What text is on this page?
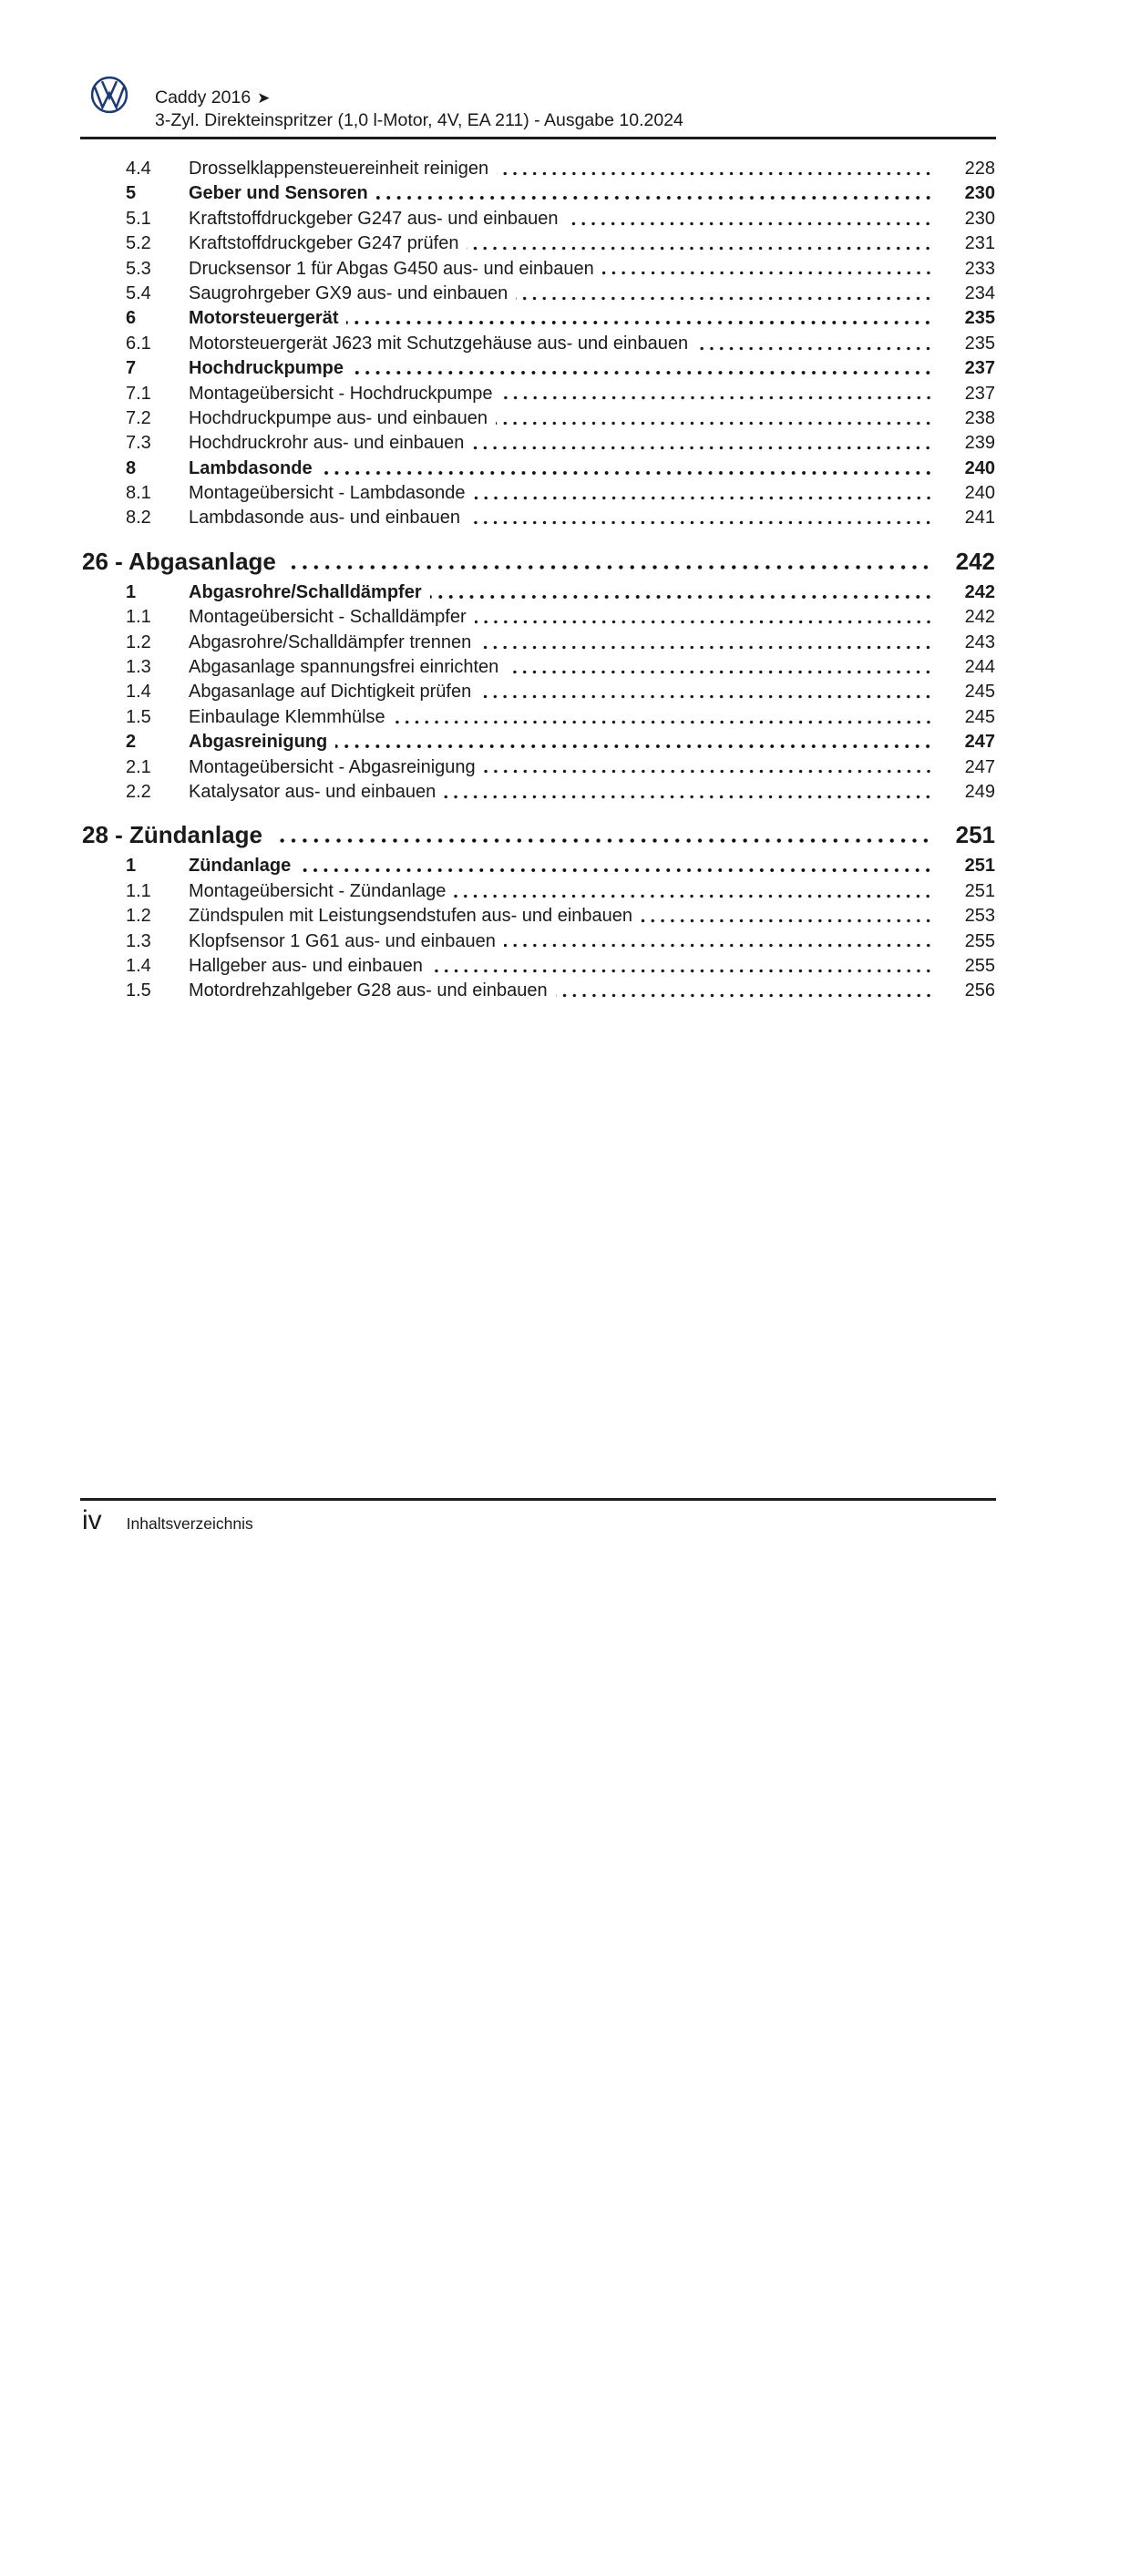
Caddy 2016 ➤
3-Zyl. Direkteinspritzer (1,0 l-Motor, 4V, EA 211) - Ausgabe 10.2024
4.4	Drosselklappensteuereinheit reinigen	228
5	Geber und Sensoren	230
5.1	Kraftstoffdruckgeber G247 aus- und einbauen	230
5.2	Kraftstoffdruckgeber G247 prüfen	231
5.3	Drucksensor 1 für Abgas G450 aus- und einbauen	233
5.4	Saugrohrgeber GX9 aus- und einbauen	234
6	Motorsteuergerät	235
6.1	Motorsteuergerät J623 mit Schutzgehäuse aus- und einbauen	235
7	Hochdruckpumpe	237
7.1	Montageübersicht - Hochdruckpumpe	237
7.2	Hochdruckpumpe aus- und einbauen	238
7.3	Hochdruckrohr aus- und einbauen	239
8	Lambdasonde	240
8.1	Montageübersicht - Lambdasonde	240
8.2	Lambdasonde aus- und einbauen	241
26 - Abgasanlage	242
1	Abgasrohre/Schalldämpfer	242
1.1	Montageübersicht - Schalldämpfer	242
1.2	Abgasrohre/Schalldämpfer trennen	243
1.3	Abgasanlage spannungsfrei einrichten	244
1.4	Abgasanlage auf Dichtigkeit prüfen	245
1.5	Einbaulage Klemmhülse	245
2	Abgasreinigung	247
2.1	Montageübersicht - Abgasreinigung	247
2.2	Katalysator aus- und einbauen	249
28 - Zündanlage	251
1	Zündanlage	251
1.1	Montageübersicht - Zündanlage	251
1.2	Zündspulen mit Leistungsendstufen aus- und einbauen	253
1.3	Klopfsensor 1 G61 aus- und einbauen	255
1.4	Hallgeber aus- und einbauen	255
1.5	Motordrehzahlgeber G28 aus- und einbauen	256
iv Inhaltsverzeichnis
